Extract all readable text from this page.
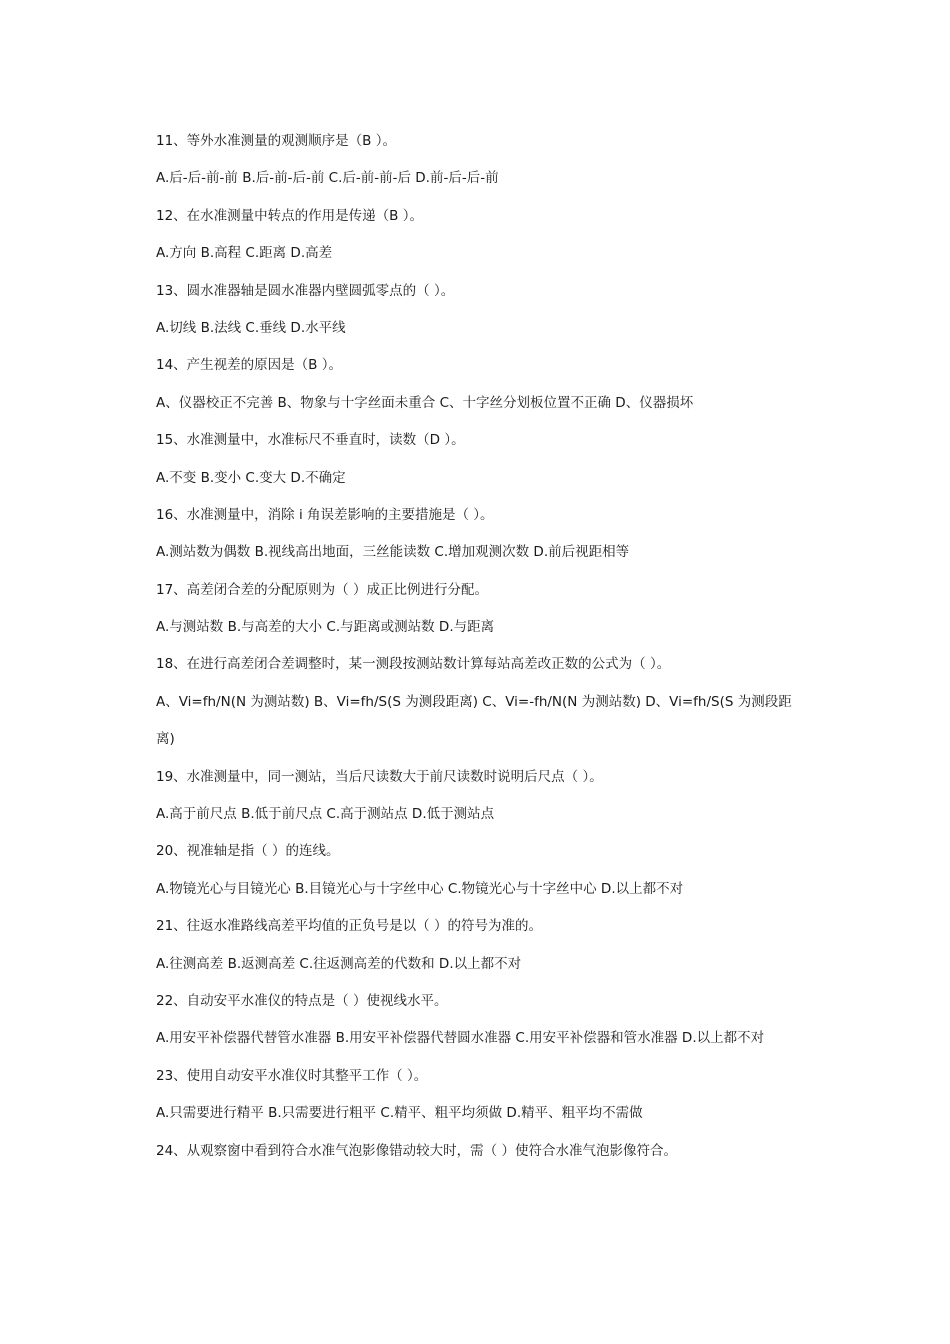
11、等外水准测量的观测顺序是（B ）。
A.后-后-前-前 B.后-前-后-前 C.后-前-前-后 D.前-后-后-前
12、在水准测量中转点的作用是传递（B ）。
A.方向 B.高程 C.距离 D.高差
13、圆水准器轴是圆水准器内壁圆弧零点的（ ）。
A.切线 B.法线 C.垂线 D.水平线
14、产生视差的原因是（B ）。
A、仪器校正不完善 B、物象与十字丝面未重合 C、十字丝分划板位置不正确 D、仪器损坏
15、水准测量中，水准标尺不垂直时，读数（D ）。
A.不变 B.变小 C.变大 D.不确定
16、水准测量中，消除 i 角误差影响的主要措施是（ ）。
A.测站数为偶数 B.视线高出地面，三丝能读数 C.增加观测次数 D.前后视距相等
17、高差闭合差的分配原则为（ ）成正比例进行分配。
A.与测站数 B.与高差的大小 C.与距离或测站数 D.与距离
18、在进行高差闭合差调整时，某一测段按测站数计算每站高差改正数的公式为（ ）。
A、Vi=fh/N(N 为测站数) B、Vi=fh/S(S 为测段距离) C、Vi=-fh/N(N 为测站数) D、Vi=fh/S(S 为测段距离)
19、水准测量中，同一测站，当后尺读数大于前尺读数时说明后尺点（ ）。
A.高于前尺点 B.低于前尺点 C.高于测站点 D.低于测站点
20、视准轴是指（ ）的连线。
A.物镜光心与目镜光心 B.目镜光心与十字丝中心 C.物镜光心与十字丝中心 D.以上都不对
21、往返水准路线高差平均值的正负号是以（ ）的符号为准的。
A.往测高差 B.返测高差 C.往返测高差的代数和 D.以上都不对
22、自动安平水准仪的特点是（ ）使视线水平。
A.用安平补偿器代替管水准器 B.用安平补偿器代替圆水准器 C.用安平补偿器和管水准器 D.以上都不对
23、使用自动安平水准仪时其整平工作（ ）。
A.只需要进行精平 B.只需要进行粗平 C.精平、粗平均须做 D.精平、粗平均不需做
24、从观察窗中看到符合水准气泡影像错动较大时，需（ ）使符合水准气泡影像符合。
